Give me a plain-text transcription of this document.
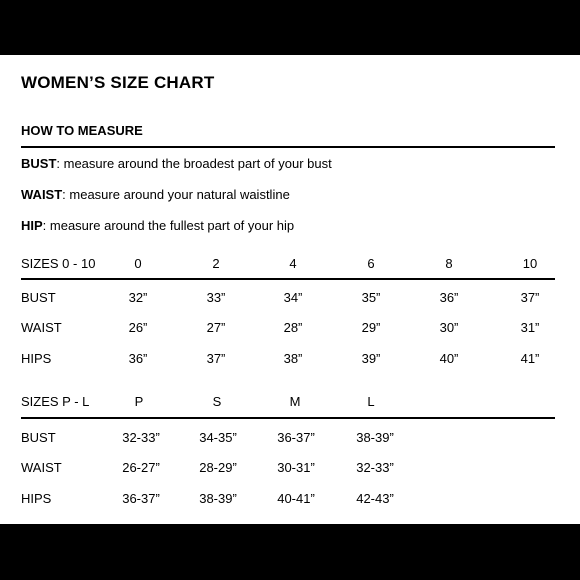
WOMEN’S SIZE CHART
HOW TO MEASURE
BUST: measure around the broadest part of your bust
WAIST: measure around your natural waistline
HIP: measure around the fullest part of your hip
SIZES 0 - 10	0	2	4	6	8	10
BUST	32”	33”	34”	35”	36”	37”
WAIST	26”	27”	28”	29”	30”	31”
HIPS	36”	37”	38”	39”	40”	41”
SIZES P - L	P	S	M	L
BUST	32-33”	34-35”	36-37”	38-39”
WAIST	26-27”	28-29”	30-31”	32-33”
HIPS	36-37”	38-39”	40-41”	42-43”
